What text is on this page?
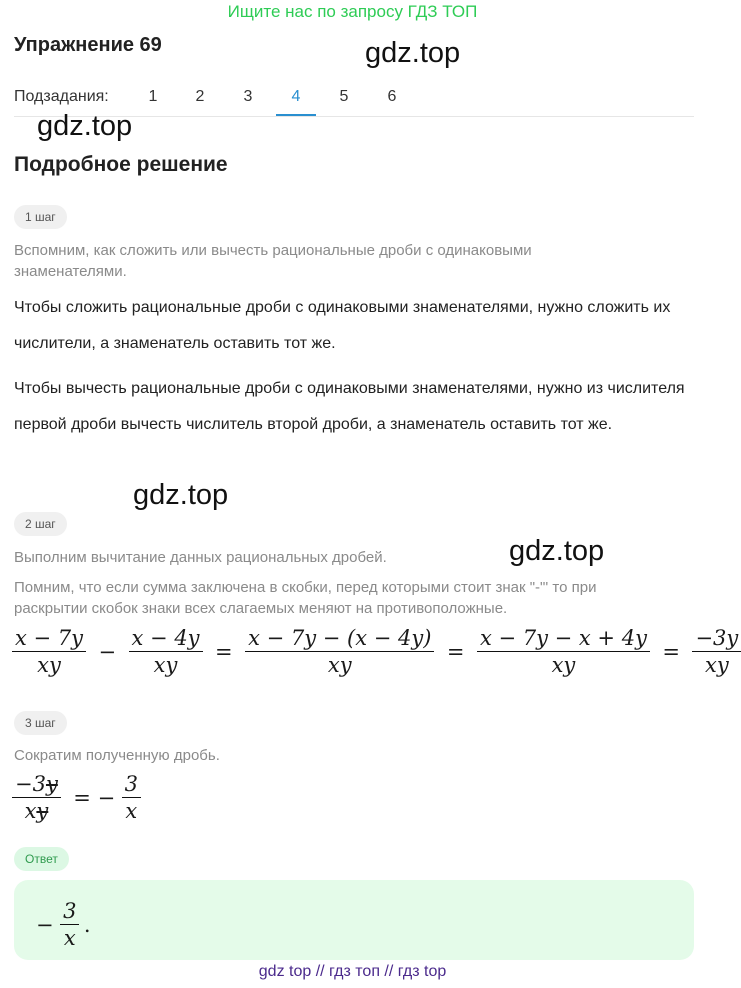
Ищите нас по запросу ГДЗ ТОП
Упражнение 69	gdz.top
Подзадания:	1	2	3	4	5	6
gdz.top
Подробное решение
1 шаг
Вспомним, как сложить или вычесть рациональные дроби с одинаковыми знаменателями.
Чтобы сложить рациональные дроби с одинаковыми знаменателями, нужно сложить их числители, а знаменатель оставить тот же.
Чтобы вычесть рациональные дроби с одинаковыми знаменателями, нужно из числителя первой дроби вычесть числитель второй дроби, а знаменатель оставить тот же.
gdz.top
2 шаг
Выполним вычитание данных рациональных дробей.	gdz.top
Помним, что если сумма заключена в скобки, перед которыми стоит знак "-"' то при раскрытии скобок знаки всех слагаемых меняют на противоположные.
$\frac{x - 7y}{xy} - \frac{x - 4y}{xy} = \frac{x - 7y - (x - 4y)}{xy} = \frac{x - 7y - x + 4y}{xy} = \frac{-3y}{xy}$
3 шаг
Сократим полученную дробь.
$\frac{-3y}{xy}$ = − $\frac{3}{x}$
Ответ
− $\frac{3}{x}$ .
gdz top // гдз топ // гдз top
